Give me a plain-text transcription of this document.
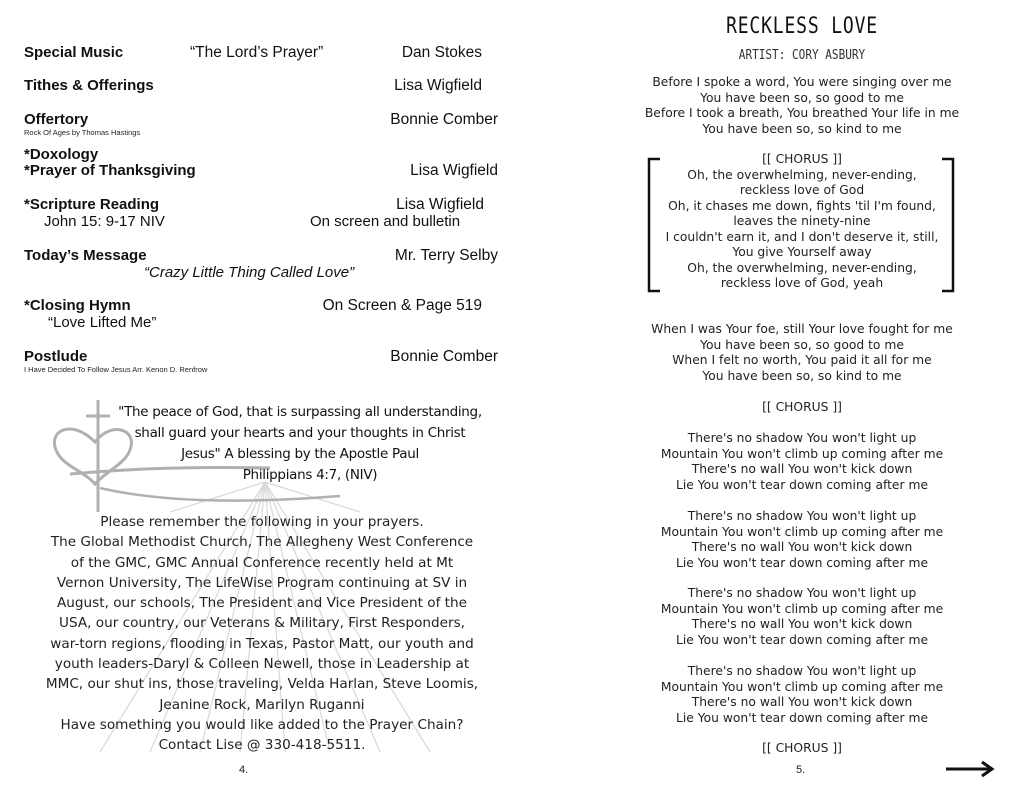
Special Music	“The Lord’s Prayer”	Dan Stokes
Tithes & Offerings	Lisa Wigfield
Offertory	Bonnie Comber
Rock Of Ages by Thomas Hastings
*Doxology
*Prayer of Thanksgiving	Lisa Wigfield
*Scripture Reading	Lisa Wigfield
John 15: 9-17 NIV	On screen and bulletin
Today’s Message	Mr. Terry Selby
“Crazy Little Thing Called Love”
*Closing Hymn	On Screen & Page 519
“Love Lifted Me”
Postlude	Bonnie Comber
I Have Decided To Follow Jesus Arr. Kenon D. Renfrow
"The peace of God, that is surpassing all understanding,
shall guard your hearts and your thoughts in Christ
Jesus" A blessing by the Apostle Paul
Philippians 4:7, (NIV)
Please remember the following in your prayers.
The Global Methodist Church, The Allegheny West Conference
of the GMC, GMC Annual Conference recently held at Mt
Vernon University, The LifeWise Program continuing at SV in
August, our schools, The President and Vice President of the
USA, our country, our Veterans & Military, First Responders,
war-torn regions, flooding in Texas, Pastor Matt, our youth and
youth leaders-Daryl & Colleen Newell, those in Leadership at
MMC, our shut ins, those traveling, Velda Harlan, Steve Loomis,
Jeanine Rock, Marilyn Ruganni
Have something you would like added to the Prayer Chain?
Contact Lise @ 330-418-5511.
4.
RECKLESS LOVE
ARTIST: CORY ASBURY
Before I spoke a word, You were singing over me
You have been so, so good to me
Before I took a breath, You breathed Your life in me
You have been so, so kind to me
[[ CHORUS ]]
Oh, the overwhelming, never-ending,
reckless love of God
Oh, it chases me down, fights 'til I'm found,
leaves the ninety-nine
I couldn't earn it, and I don't deserve it, still,
You give Yourself away
Oh, the overwhelming, never-ending,
reckless love of God, yeah
When I was Your foe, still Your love fought for me
You have been so, so good to me
When I felt no worth, You paid it all for me
You have been so, so kind to me
[[ CHORUS ]]
There's no shadow You won't light up
Mountain You won't climb up coming after me
There's no wall You won't kick down
Lie You won't tear down coming after me
There's no shadow You won't light up
Mountain You won't climb up coming after me
There's no wall You won't kick down
Lie You won't tear down coming after me
There's no shadow You won't light up
Mountain You won't climb up coming after me
There's no wall You won't kick down
Lie You won't tear down coming after me
There's no shadow You won't light up
Mountain You won't climb up coming after me
There's no wall You won't kick down
Lie You won't tear down coming after me
[[ CHORUS ]]
5.
